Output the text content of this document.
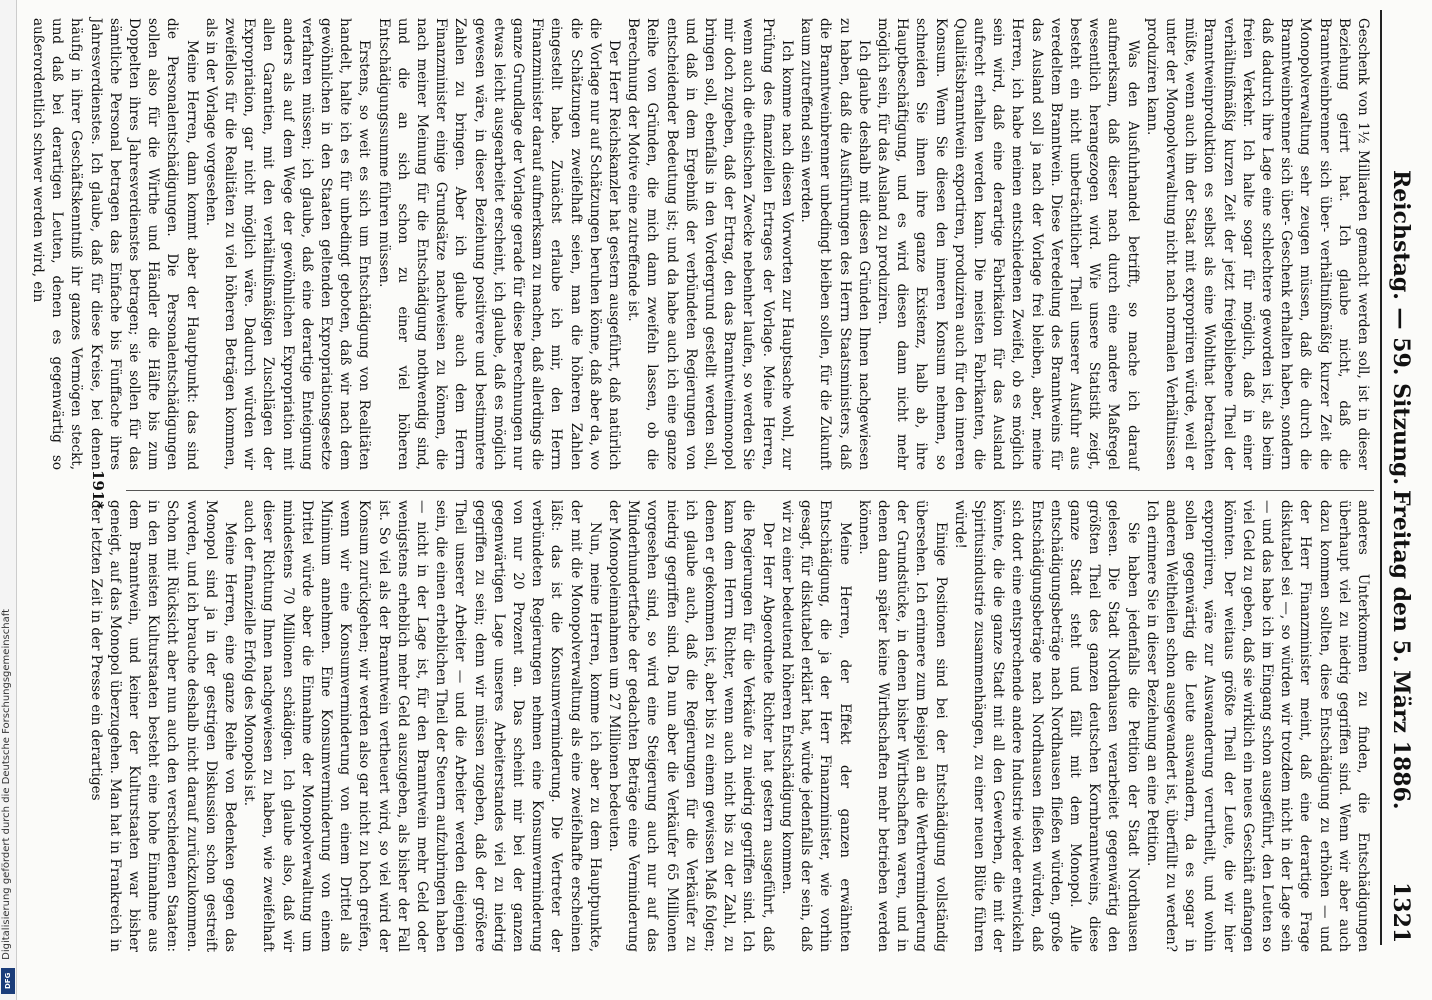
Reichstag. — 59. Sitzung.
Freitag den 5. März 1886.
1321

Geschenk von 1½ Milliarden gemacht werden soll, ist in dieser Beziehung geirrt hat. Ich glaube nicht, daß die Branntweinbrenner sich über- verhältnißmäßig kurzer Zeit die Monopolverwaltung sehr zeugen müssen, daß die durch die Branntweinbrenner sich über- Geschenk erhalten haben, sondern daß dadurch ihre Lage eine schlechtere geworden ist, als beim freien Verkehr. Ich halte sogar für möglich, daß in einer verhältnißmäßig kurzen Zeit der jetzt freigebliebene Theil der Branntweinproduktion es selbst als eine Wohlthat betrachten müßte, wenn auch ihn der Staat mit expropriiren würde, weil er unter der Monopolverwaltung nicht nach normalen Verhältnissen produziren kann.

Was den Ausfuhrhandel betrifft, so mache ich darauf aufmerksam, daß dieser nach durch eine andere Maßregel wesentlich herangezogen wird. Wie unsere Statistik zeigt, besteht ein nicht unbeträchtlicher Theil unserer Ausfuhr aus veredeltem Branntwein. Diese Veredelung des Branntweins für das Ausland soll ja nach der Vorlage frei bleiben, aber, meine Herren, ich habe meinen entschiedenen Zweifel, ob es möglich sein wird, daß eine derartige Fabrikation für das Ausland aufrecht erhalten werden kann. Die meisten Fabrikanten, die Qualitätsbranntwein exportiren, produziren auch für den inneren Konsum. Wenn Sie diesen den inneren Konsum nehmen, so schneiden Sie ihnen ihre ganze Existenz, halb ab, ihre Hauptbeschäftigung, und es wird diesen dann nicht mehr möglich sein, für das Ausland zu produziren.

Ich glaube deshalb mit diesen Gründen Ihnen nachgewiesen zu haben, daß die Ausführungen des Herrn Staatsministers, daß die Branntweinbrenner unbedingt bleiben sollen, für die Zukunft kaum zutreffend sein werden.

Ich komme nach diesen Vorworten zur Hauptsache wohl, zur Prüfung des finanziellen Ertrages der Vorlage. Meine Herren, wenn auch die ethischen Zwecke nebenher laufen, so werden Sie mir doch zugeben, daß der Ertrag, den das Branntweinmonopol bringen soll, ebenfalls in den Vordergrund gestellt werden soll, und daß in dem Ergebniß der verbündeten Regierungen von entscheidender Bedeutung ist; und da habe auch ich eine ganze Reihe von Gründen, die mich dann zweifeln lassen, ob die Berechnung der Motive eine zutreffende ist.

Der Herr Reichskanzler hat gestern ausgeführt, daß natürlich die Vorlage nur auf Schätzungen beruhen könne, daß aber da, wo die Schätzungen zweifelhaft seien, man die höheren Zahlen eingestellt habe. Zunächst erlaube ich mir, den Herrn Finanzminister darauf aufmerksam zu machen, daß allerdings die ganze Grundlage der Vorlage gerade für diese Berechnungen nur etwas leicht ausgearbeitet erscheint, ich glaube, daß es möglich gewesen wäre, in dieser Beziehung positivere und bestimmtere Zahlen zu bringen. Aber ich glaube auch dem Herrn Finanzminister einige Grundsätze nachweisen zu können, die nach meiner Meinung für die Entschädigung nothwendig sind, und die an sich schon zu einer viel höheren Entschädigungssumme führen müssen.

Erstens, so weit es sich um Entschädigung von Realitäten handelt, halte ich es für unbedingt geboten, daß wir nach dem gewöhnlichen in den Staaten geltenden Expropriationsgesetze verfahren müssen; ich glaube, daß eine derartige Enteignung anders als auf dem Wege der gewöhnlichen Expropriation mit allen Garantien, mit den verhältnißmäßigen Zuschlägen der Expropriation, gar nicht möglich wäre. Dadurch würden wir zweifellos für die Realitäten zu viel höheren Beträgen kommen, als in der Vorlage vorgesehen.

Meine Herren, dann kommt aber der Hauptpunkt: das sind die Personalentschädigungen. Die Personalentschädigungen sollen also für die Wirthe und Händler die Hälfte bis zum Doppelten ihres Jahresverdienstes betragen; sie sollen für das sämtliche Personal betragen das Einfache bis Fünffache ihres Jahresverdienstes. Ich glaube, daß für diese Kreise, bei denen häufig in ihrer Geschäftskenntniß ihr ganzes Vermögen steckt, und daß bei derartigen Leuten, denen es gegenwärtig so außerordentlich schwer werden wird, ein

anderes Unterkommen zu finden, die Entschädigungen überhaupt viel zu niedrig gegriffen sind. Wenn wir aber auch dazu kommen sollten, diese Entschädigung zu erhöhen — und der Herr Finanzminister meint, daß eine derartige Frage diskutabel sei —, so würden wir trotzdem nicht in der Lage sein — und das habe ich im Eingang schon ausgeführt, den Leuten so viel Geld zu geben, daß sie wirklich ein neues Geschäft anfangen könnten. Der weitaus größte Theil der Leute, die wir hier expropriiren, wäre zur Auswanderung verurtheilt, und wohin sollen gegenwärtig die Leute auswandern, da es sogar in anderen Weltheilen schon ausgewandert ist, überfüllt zu werden? Ich erinnere Sie in dieser Beziehung an eine Petition.

Sie haben jedenfalls die Petition der Stadt Nordhausen gelesen. Die Stadt Nordhausen verarbeitet gegenwärtig den größten Theil des ganzen deutschen Kornbranntweins, diese ganze Stadt steht und fällt mit dem Monopol. Alle entschädigungsbeträge nach Nordhausen fließen würden, große Entschädigungsbeträge nach Nordhausen fließen würden, daß sich dort eine entsprechende andere Industrie wieder entwickeln könnte, die die ganze Stadt mit all den Gewerben, die mit der Spiritusindustrie zusammenhängen, zu einer neuen Blüte führen würde!

Einige Positionen sind bei der Entschädigung vollständig übersehen. Ich erinnere zum Beispiel an die Werthverminderung der Grundstücke, in denen bisher Wirthschaften waren, und in denen dann später keine Wirthschaften mehr betrieben werden können.

Meine Herren, der Effekt der ganzen erwähnten Entschädigung, die ja der Herr Finanzminister, wie vorhin gesagt, für diskutabel erklärt hat, würde jedenfalls der sein, daß wir zu einer bedeutend höheren Entschädigung kommen.

Der Herr Abgeordnete Richter hat gestern ausgeführt, daß die Regierungen für die Verkäufe zu niedrig gegriffen sind. Ich kann dem Herrn Richter, wenn auch nicht bis zu der Zahl, zu denen er gekommen ist, aber bis zu einem gewissen Maß folgen; ich glaube auch, daß die Regierungen für die Verkäufer zu niedrig gegriffen sind. Da nun aber die Verkäufer 65 Millionen vorgesehen sind, so wird eine Steigerung auch nur auf das Minderhundertfache der gedachten Beträge eine Verminderung der Monopoleinnahmen um 27 Millionen bedeuten.

Nun, meine Herren, komme ich aber zu dem Hauptpunkte, der mit die Monopolverwaltung als eine zweifelhafte erscheinen läßt: das ist die Konsumverminderung. Die Vertreter der verbündeten Regierungen nehmen eine Konsumverminderung von nur 20 Prozent an. Das scheint mir bei der ganzen gegenwärtigen Lage unseres Arbeiterstandes viel zu niedrig gegriffen zu sein; denn wir müssen zugeben, daß der größere Theil unserer Arbeiter — und die Arbeiter werden diejenigen sein, die einen erheblichen Theil der Steuern aufzubringen haben — nicht in der Lage ist, für den Branntwein mehr Geld oder wenigstens erheblich mehr Geld auszugeben, als bisher der Fall ist. So viel als der Branntwein vertheuert wird, so viel wird der Konsum zurückgehen; wir werden also gar nicht zu hoch greifen, wenn wir eine Konsumverminderung von einem Drittel als Minimum annehmen. Eine Konsumverminderung von einem Drittel würde aber die Einnahme der Monopolverwaltung um mindestens 70 Millionen schädigen. Ich glaube also, daß wir dieser Richtung Ihnen nachgewiesen zu haben, wie zweifelhaft auch der finanzielle Erfolg des Monopols ist.

Meine Herren, eine ganze Reihe von Bedenken gegen das Monopol sind ja in der gestrigen Diskussion schon gestreift worden, und ich brauche deshalb nicht darauf zurückzukommen. Schon mit Rücksicht aber nun auch den verschiedenen Staaten: in den meisten Kulturstaaten besteht eine hohe Einnahme aus dem Branntwein, und keiner der Kulturstaaten war bisher geneigt, auf das Monopol überzugehen. Man hat in Frankreich in der letzten Zeit in der Presse ein derartiges

191*
Digitalisierung gefördert durch die Deutsche Forschungsgemeinschaft
DFG
